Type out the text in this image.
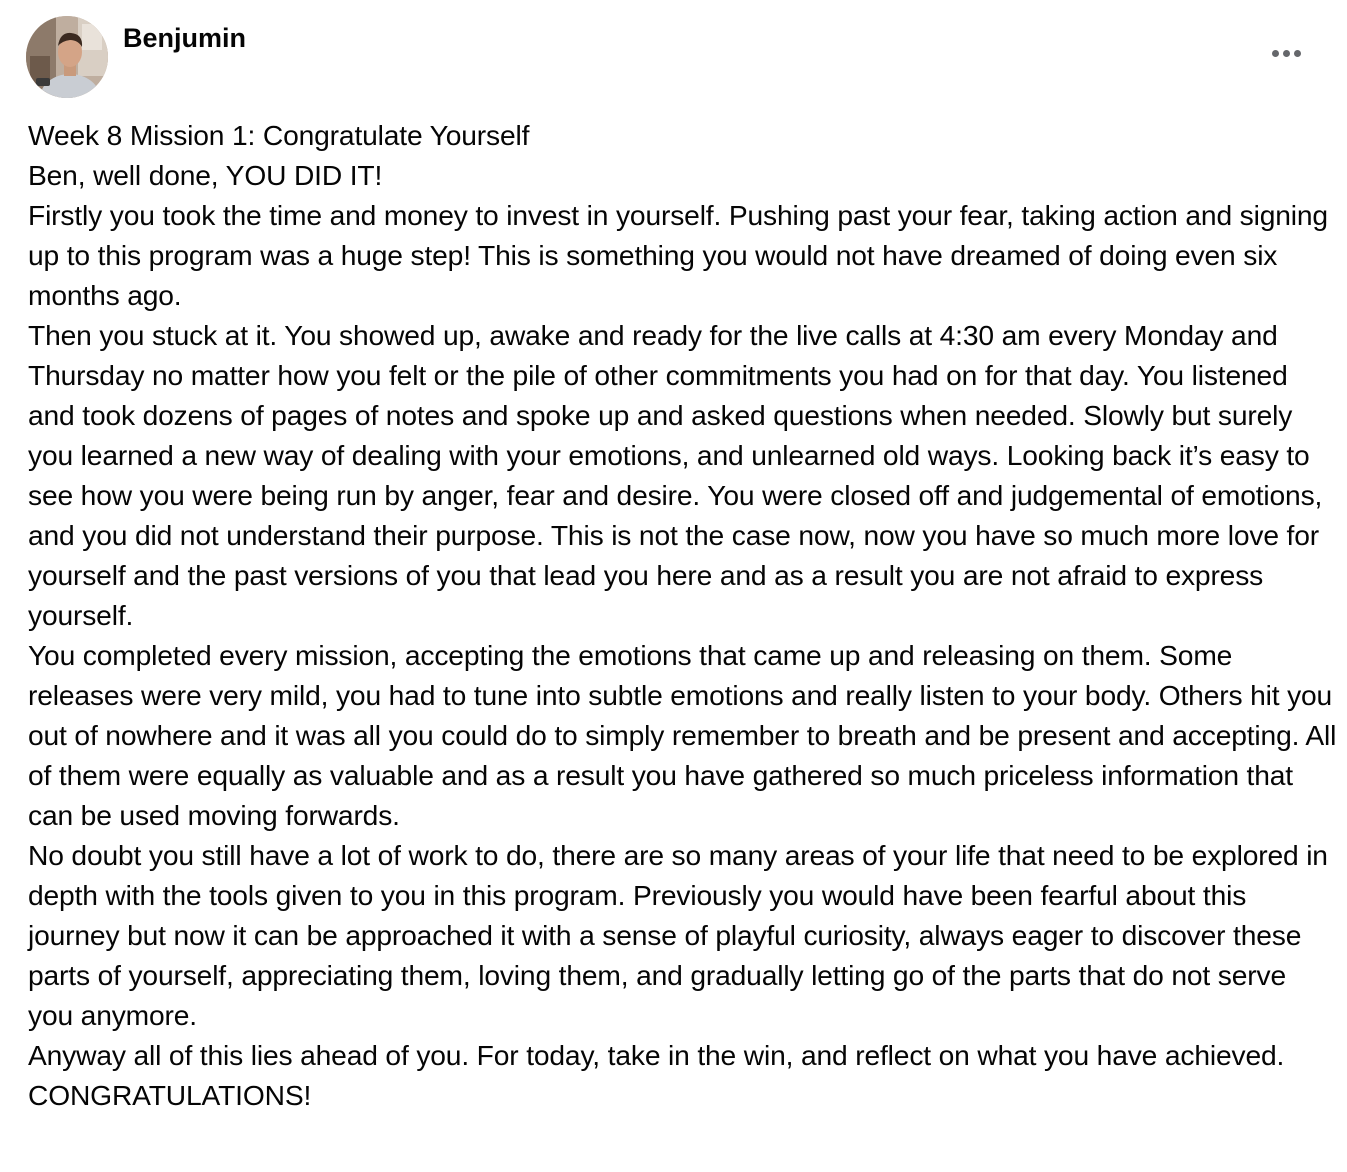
Benjumin

Week 8 Mission 1: Congratulate Yourself

Ben, well done, YOU DID IT!

Firstly you took the time and money to invest in yourself. Pushing past your fear, taking action and signing up to this program was a huge step! This is something you would not have dreamed of doing even six months ago.

Then you stuck at it. You showed up, awake and ready for the live calls at 4:30 am every Monday and Thursday no matter how you felt or the pile of other commitments you had on for that day. You listened and took dozens of pages of notes and spoke up and asked questions when needed. Slowly but surely you learned a new way of dealing with your emotions, and unlearned old ways. Looking back it’s easy to see how you were being run by anger, fear and desire. You were closed off and judgemental of emotions, and you did not understand their purpose. This is not the case now, now you have so much more love for yourself and the past versions of you that lead you here and as a result you are not afraid to express yourself.

You completed every mission, accepting the emotions that came up and releasing on them. Some releases were very mild, you had to tune into subtle emotions and really listen to your body. Others hit you out of nowhere and it was all you could do to simply remember to breath and be present and accepting. All of them were equally as valuable and as a result you have gathered so much priceless information that can be used moving forwards.

No doubt you still have a lot of work to do, there are so many areas of your life that need to be explored in depth with the tools given to you in this program. Previously you would have been fearful about this journey but now it can be approached it with a sense of playful curiosity, always eager to discover these parts of yourself, appreciating them, loving them, and gradually letting go of the parts that do not serve you anymore.

Anyway all of this lies ahead of you. For today, take in the win, and reflect on what you have achieved.

CONGRATULATIONS!
